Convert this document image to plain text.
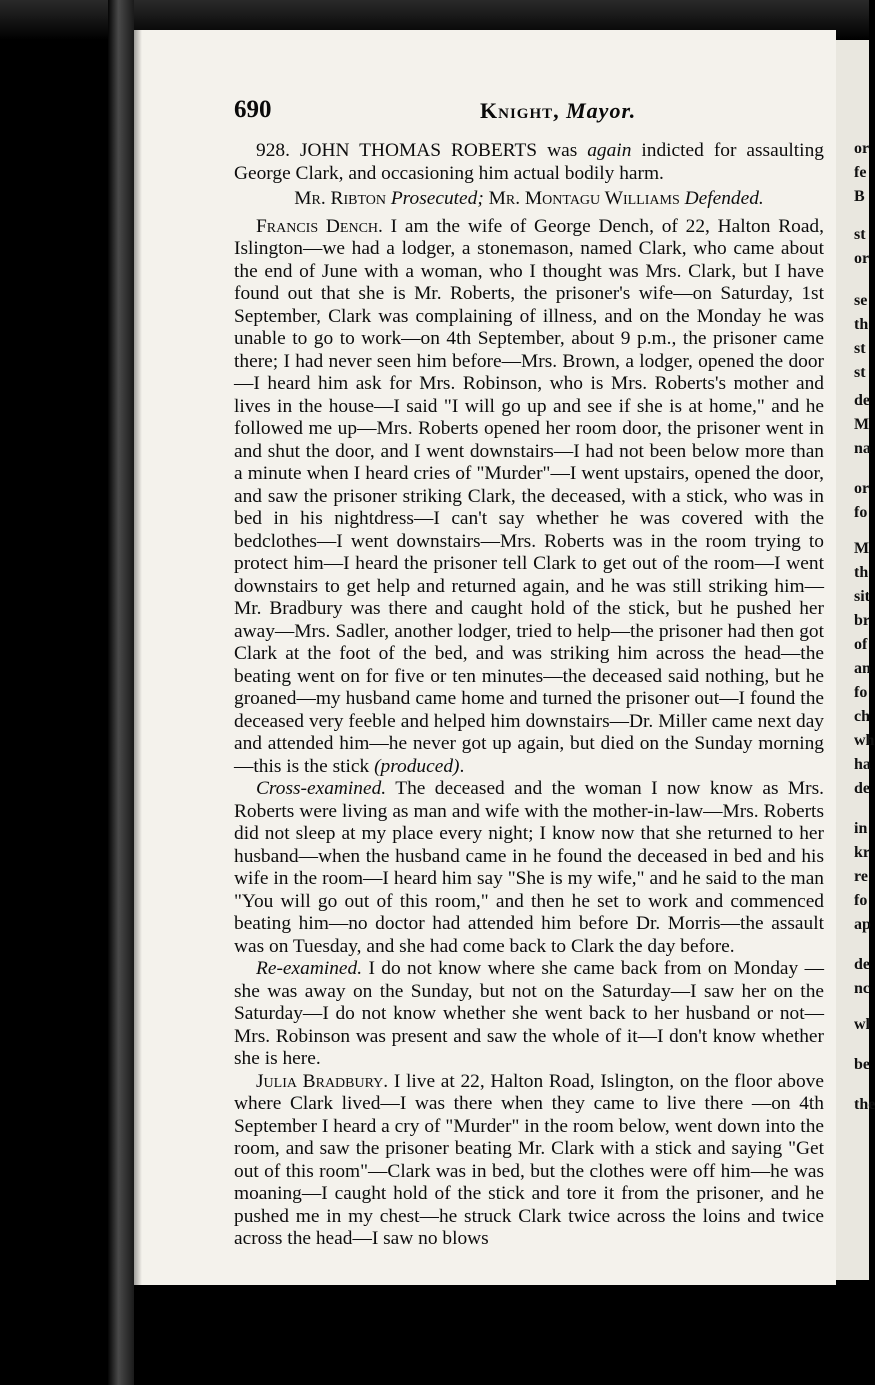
690	Knight, Mayor.

928. JOHN THOMAS ROBERTS was again indicted for assaulting George Clark, and occasioning him actual bodily harm.

Mr. Ribton Prosecuted; Mr. Montagu Williams Defended.

Francis Dench. I am the wife of George Dench, of 22, Halton Road, Islington—we had a lodger, a stonemason, named Clark, who came about the end of June with a woman, who I thought was Mrs. Clark, but I have found out that she is Mr. Roberts, the prisoner's wife—on Saturday, 1st September, Clark was complaining of illness, and on the Monday he was unable to go to work—on 4th September, about 9 p.m., the prisoner came there; I had never seen him before—Mrs. Brown, a lodger, opened the door—I heard him ask for Mrs. Robinson, who is Mrs. Roberts's mother and lives in the house—I said "I will go up and see if she is at home," and he followed me up—Mrs. Roberts opened her room door, the prisoner went in and shut the door, and I went downstairs—I had not been below more than a minute when I heard cries of "Murder"—I went upstairs, opened the door, and saw the prisoner striking Clark, the deceased, with a stick, who was in bed in his nightdress—I can't say whether he was covered with the bedclothes—I went downstairs—Mrs. Roberts was in the room trying to protect him—I heard the prisoner tell Clark to get out of the room—I went downstairs to get help and returned again, and he was still striking him—Mr. Bradbury was there and caught hold of the stick, but he pushed her away—Mrs. Sadler, another lodger, tried to help—the prisoner had then got Clark at the foot of the bed, and was striking him across the head—the beating went on for five or ten minutes—the deceased said nothing, but he groaned—my husband came home and turned the prisoner out—I found the deceased very feeble and helped him downstairs—Dr. Miller came next day and attended him—he never got up again, but died on the Sunday morning—this is the stick (produced).

Cross-examined. The deceased and the woman I now know as Mrs. Roberts were living as man and wife with the mother-in-law—Mrs. Roberts did not sleep at my place every night; I know now that she returned to her husband—when the husband came in he found the deceased in bed and his wife in the room—I heard him say "She is my wife," and he said to the man "You will go out of this room," and then he set to work and commenced beating him—no doctor had attended him before Dr. Morris—the assault was on Tuesday, and she had come back to Clark the day before.

Re-examined. I do not know where she came back from on Monday —she was away on the Sunday, but not on the Saturday—I saw her on the Saturday—I do not know whether she went back to her husband or not—Mrs. Robinson was present and saw the whole of it—I don't know whether she is here.

Julia Bradbury. I live at 22, Halton Road, Islington, on the floor above where Clark lived—I was there when they came to live there —on 4th September I heard a cry of "Murder" in the room below, went down into the room, and saw the prisoner beating Mr. Clark with a stick and saying "Get out of this room"—Clark was in bed, but the clothes were off him—he was moaning—I caught hold of the stick and tore it from the prisoner, and he pushed me in my chest—he struck Clark twice across the loins and twice across the head—I saw no blows

or
fe
B
st
or
se
th
st
st
de
M
na
or
fo
M
th
sit
br
of
an
fo
ch
wh
ha
de
in
kr
re
fo
ap
de
nc
wl
be
the
